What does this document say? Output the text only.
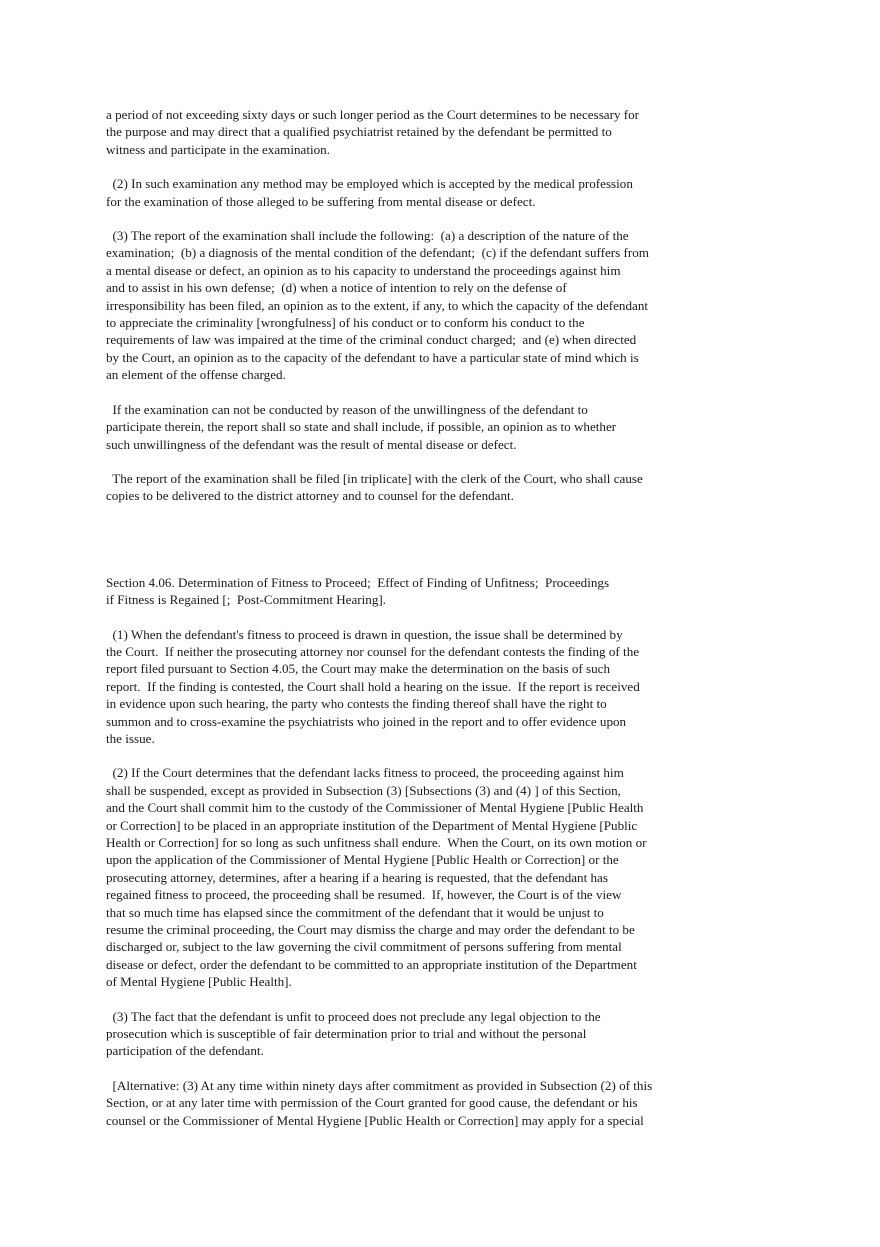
a period of not exceeding sixty days or such longer period as the Court determines to be necessary for
the purpose and may direct that a qualified psychiatrist retained by the defendant be permitted to
witness and participate in the examination.
(2) In such examination any method may be employed which is accepted by the medical profession
for the examination of those alleged to be suffering from mental disease or defect.
(3) The report of the examination shall include the following:  (a) a description of the nature of the
examination;  (b) a diagnosis of the mental condition of the defendant;  (c) if the defendant suffers from
a mental disease or defect, an opinion as to his capacity to understand the proceedings against him
and to assist in his own defense;  (d) when a notice of intention to rely on the defense of
irresponsibility has been filed, an opinion as to the extent, if any, to which the capacity of the defendant
to appreciate the criminality [wrongfulness] of his conduct or to conform his conduct to the
requirements of law was impaired at the time of the criminal conduct charged;  and (e) when directed
by the Court, an opinion as to the capacity of the defendant to have a particular state of mind which is
an element of the offense charged.
If the examination can not be conducted by reason of the unwillingness of the defendant to
participate therein, the report shall so state and shall include, if possible, an opinion as to whether
such unwillingness of the defendant was the result of mental disease or defect.
The report of the examination shall be filed [in triplicate] with the clerk of the Court, who shall cause
copies to be delivered to the district attorney and to counsel for the defendant.
Section 4.06. Determination of Fitness to Proceed;  Effect of Finding of Unfitness;  Proceedings
if Fitness is Regained [;  Post-Commitment Hearing].
(1) When the defendant's fitness to proceed is drawn in question, the issue shall be determined by
the Court.  If neither the prosecuting attorney nor counsel for the defendant contests the finding of the
report filed pursuant to Section 4.05, the Court may make the determination on the basis of such
report.  If the finding is contested, the Court shall hold a hearing on the issue.  If the report is received
in evidence upon such hearing, the party who contests the finding thereof shall have the right to
summon and to cross-examine the psychiatrists who joined in the report and to offer evidence upon
the issue.
(2) If the Court determines that the defendant lacks fitness to proceed, the proceeding against him
shall be suspended, except as provided in Subsection (3) [Subsections (3) and (4) ] of this Section,
and the Court shall commit him to the custody of the Commissioner of Mental Hygiene [Public Health
or Correction] to be placed in an appropriate institution of the Department of Mental Hygiene [Public
Health or Correction] for so long as such unfitness shall endure.  When the Court, on its own motion or
upon the application of the Commissioner of Mental Hygiene [Public Health or Correction] or the
prosecuting attorney, determines, after a hearing if a hearing is requested, that the defendant has
regained fitness to proceed, the proceeding shall be resumed.  If, however, the Court is of the view
that so much time has elapsed since the commitment of the defendant that it would be unjust to
resume the criminal proceeding, the Court may dismiss the charge and may order the defendant to be
discharged or, subject to the law governing the civil commitment of persons suffering from mental
disease or defect, order the defendant to be committed to an appropriate institution of the Department
of Mental Hygiene [Public Health].
(3) The fact that the defendant is unfit to proceed does not preclude any legal objection to the
prosecution which is susceptible of fair determination prior to trial and without the personal
participation of the defendant.
[Alternative: (3) At any time within ninety days after commitment as provided in Subsection (2) of this
Section, or at any later time with permission of the Court granted for good cause, the defendant or his
counsel or the Commissioner of Mental Hygiene [Public Health or Correction] may apply for a special
